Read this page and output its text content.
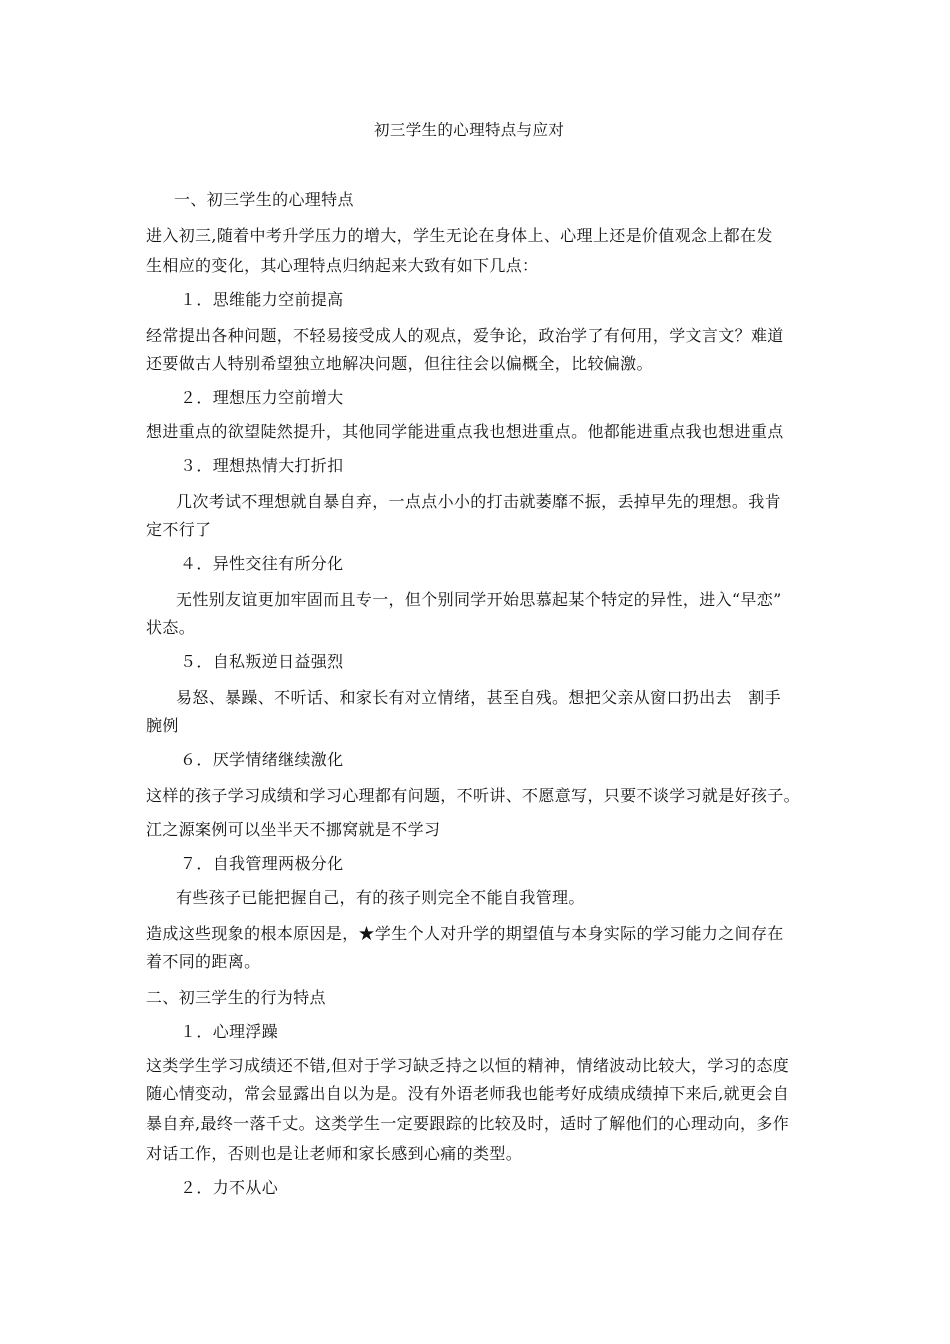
初三学生的心理特点与应对
一、初三学生的心理特点
进入初三,随着中考升学压力的增大，学生无论在身体上、心理上还是价值观念上都在发
生相应的变化，其心理特点归纳起来大致有如下几点：
１．思维能力空前提高
经常提出各种问题，不轻易接受成人的观点，爱争论，政治学了有何用，学文言文？难道
还要做古人特别希望独立地解决问题，但往往会以偏概全，比较偏激。
２．理想压力空前增大
想进重点的欲望陡然提升，其他同学能进重点我也想进重点。他都能进重点我也想进重点
３．理想热情大打折扣
几次考试不理想就自暴自弃，一点点小小的打击就萎靡不振，丢掉早先的理想。我肯
定不行了
４．异性交往有所分化
无性别友谊更加牢固而且专一，但个别同学开始思慕起某个特定的异性，进入“早恋”
状态。
５．自私叛逆日益强烈
易怒、暴躁、不听话、和家长有对立情绪，甚至自残。想把父亲从窗口扔出去　割手
腕例
６．厌学情绪继续激化
这样的孩子学习成绩和学习心理都有问题，不听讲、不愿意写，只要不谈学习就是好孩子。
江之源案例可以坐半天不挪窝就是不学习
７．自我管理两极分化
有些孩子已能把握自己，有的孩子则完全不能自我管理。
造成这些现象的根本原因是，★学生个人对升学的期望值与本身实际的学习能力之间存在
着不同的距离。
二、初三学生的行为特点
１．心理浮躁
这类学生学习成绩还不错,但对于学习缺乏持之以恒的精神，情绪波动比较大，学习的态度
随心情变动，常会显露出自以为是。没有外语老师我也能考好成绩成绩掉下来后,就更会自
暴自弃,最终一落千丈。这类学生一定要跟踪的比较及时，适时了解他们的心理动向，多作
对话工作，否则也是让老师和家长感到心痛的类型。
２．力不从心
